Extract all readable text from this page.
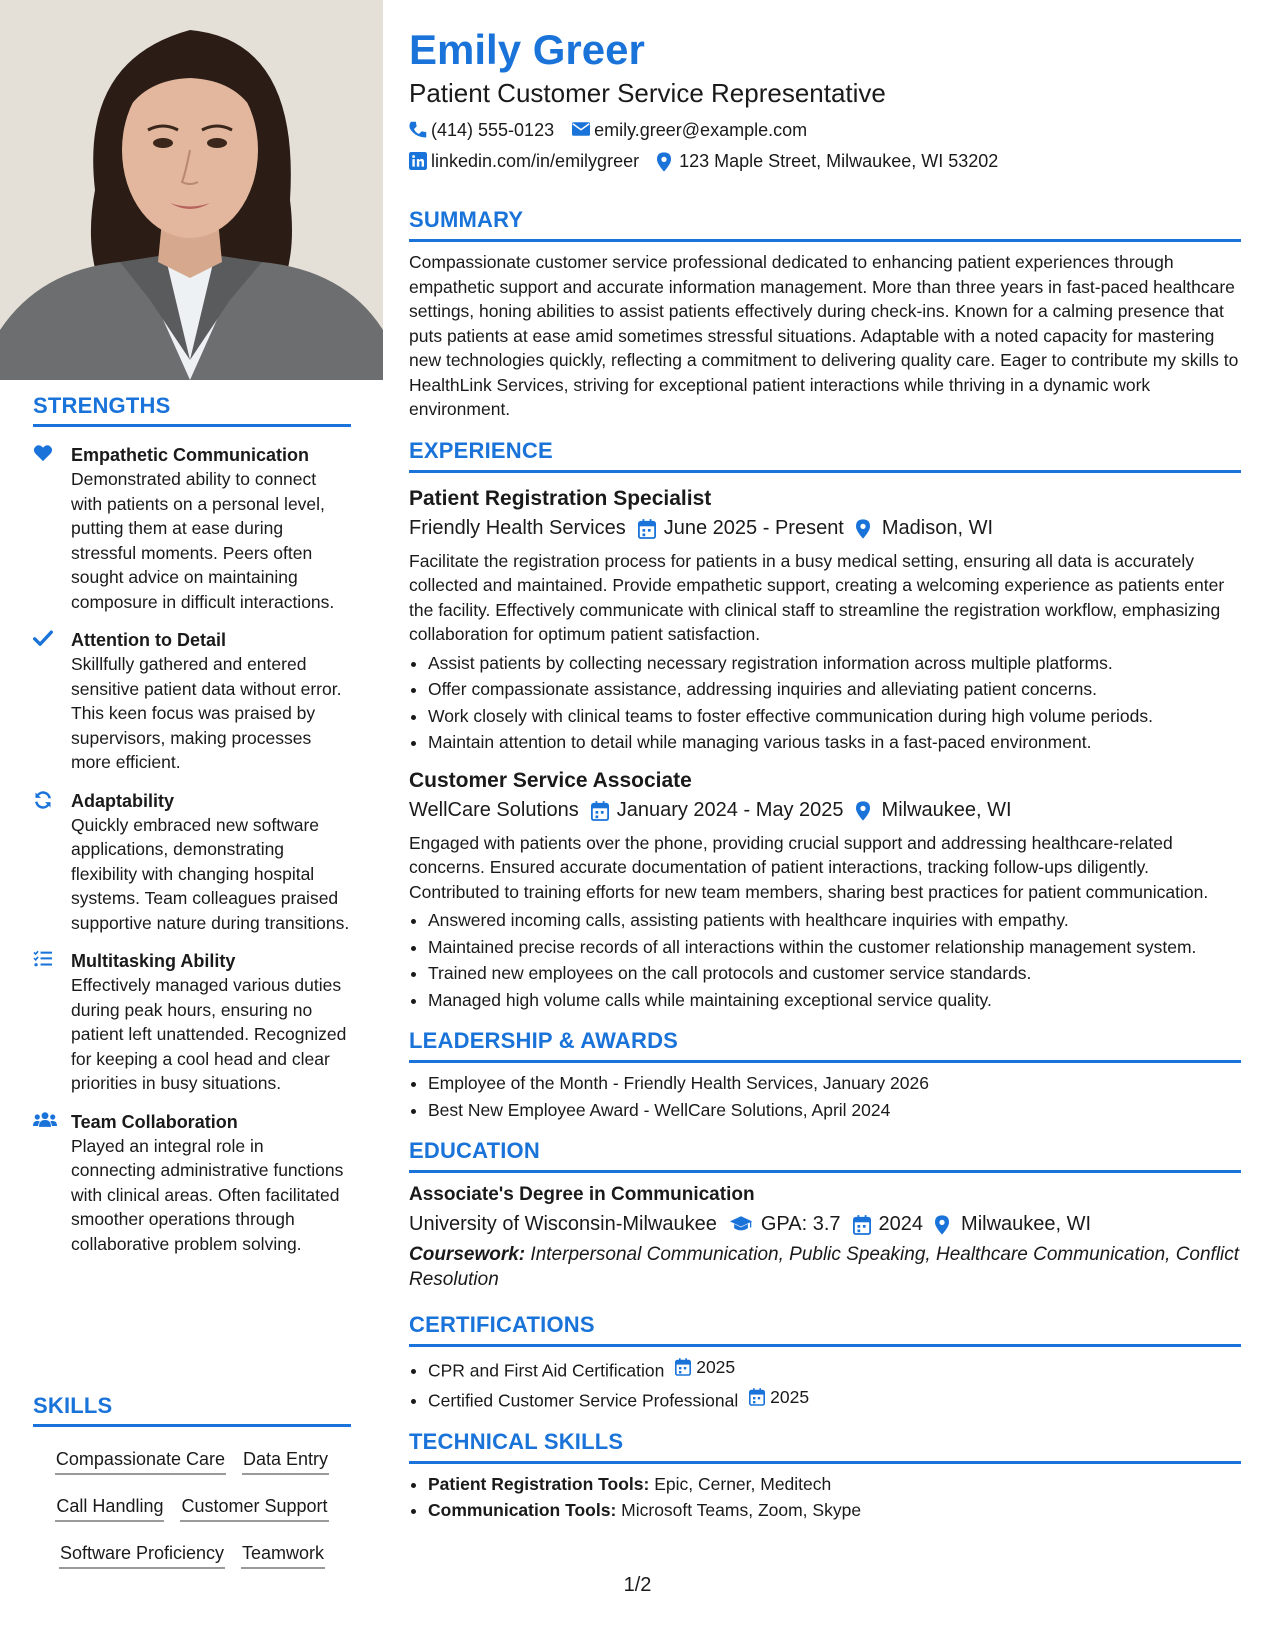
STRENGTHS
Empathetic Communication
Demonstrated ability to connect with patients on a personal level, putting them at ease during stressful moments. Peers often sought advice on maintaining composure in difficult interactions.
Attention to Detail
Skillfully gathered and entered sensitive patient data without error. This keen focus was praised by supervisors, making processes more efficient.
Adaptability
Quickly embraced new software applications, demonstrating flexibility with changing hospital systems. Team colleagues praised supportive nature during transitions.
Multitasking Ability
Effectively managed various duties during peak hours, ensuring no patient left unattended. Recognized for keeping a cool head and clear priorities in busy situations.
Team Collaboration
Played an integral role in connecting administrative functions with clinical areas. Often facilitated smoother operations through collaborative problem solving.
SKILLS
Compassionate Care Data Entry
Call Handling Customer Support
Software Proficiency Teamwork
Emily Greer
Patient Customer Service Representative
(414) 555-0123 emily.greer@example.com
linkedin.com/in/emilygreer 123 Maple Street, Milwaukee, WI 53202
SUMMARY

Compassionate customer service professional dedicated to enhancing patient experiences through empathetic support and accurate information management. More than three years in fast-paced healthcare settings, honing abilities to assist patients effectively during check-ins. Known for a calming presence that puts patients at ease amid sometimes stressful situations. Adaptable with a noted capacity for mastering new technologies quickly, reflecting a commitment to delivering quality care. Eager to contribute my skills to HealthLink Services, striving for exceptional patient interactions while thriving in a dynamic work environment.

EXPERIENCE
Patient Registration Specialist
Friendly Health Services June 2025 - Present Madison, WI

Facilitate the registration process for patients in a busy medical setting, ensuring all data is accurately collected and maintained. Provide empathetic support, creating a welcoming experience as patients enter the facility. Effectively communicate with clinical staff to streamline the registration workflow, emphasizing collaboration for optimum patient satisfaction.

• Assist patients by collecting necessary registration information across multiple platforms.
• Offer compassionate assistance, addressing inquiries and alleviating patient concerns.
• Work closely with clinical teams to foster effective communication during high volume periods.
• Maintain attention to detail while managing various tasks in a fast-paced environment.
Customer Service Associate
WellCare Solutions January 2024 - May 2025 Milwaukee, WI

Engaged with patients over the phone, providing crucial support and addressing healthcare-related concerns. Ensured accurate documentation of patient interactions, tracking follow-ups diligently. Contributed to training efforts for new team members, sharing best practices for patient communication.

• Answered incoming calls, assisting patients with healthcare inquiries with empathy.
• Maintained precise records of all interactions within the customer relationship management system.
• Trained new employees on the call protocols and customer service standards.
• Managed high volume calls while maintaining exceptional service quality.
LEADERSHIP & AWARDS
• Employee of the Month - Friendly Health Services, January 2026
• Best New Employee Award - WellCare Solutions, April 2024
EDUCATION
Associate's Degree in Communication
University of Wisconsin-Milwaukee GPA: 3.7 2024 Milwaukee, WI
Coursework: Interpersonal Communication, Public Speaking, Healthcare Communication, Conflict Resolution
CERTIFICATIONS
• CPR and First Aid Certification 2025
• Certified Customer Service Professional 2025
TECHNICAL SKILLS
• Patient Registration Tools: Epic, Cerner, Meditech
• Communication Tools: Microsoft Teams, Zoom, Skype
1/2
